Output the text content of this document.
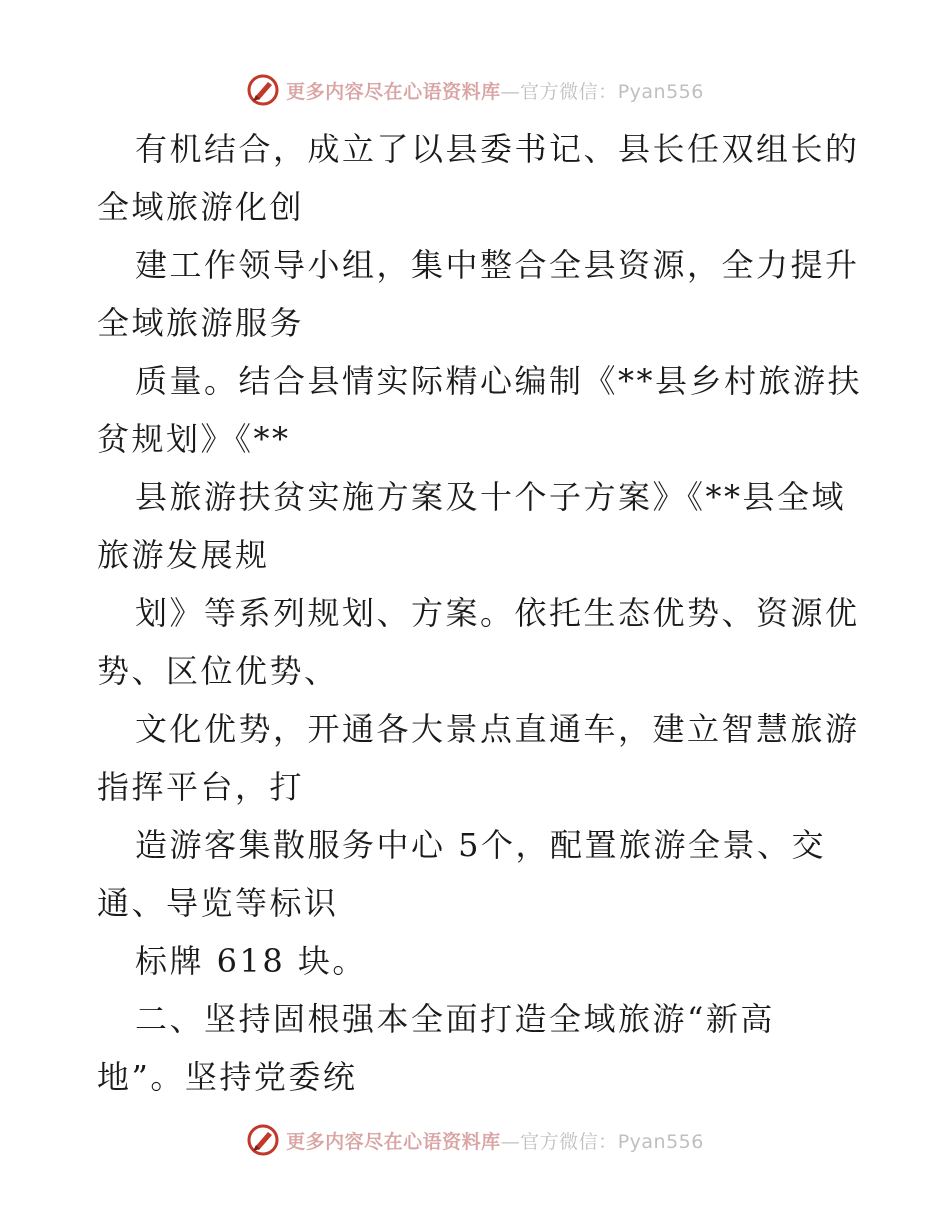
更多内容尽在心语资料库—官方微信：Pyan556
有机结合，成立了以县委书记、县长任双组长的
全域旅游化创
建工作领导小组，集中整合全县资源，全力提升
全域旅游服务
质量。结合县情实际精心编制《**县乡村旅游扶
贫规划》《**
县旅游扶贫实施方案及十个子方案》《**县全域
旅游发展规
划》等系列规划、方案。依托生态优势、资源优
势、区位优势、
文化优势，开通各大景点直通车，建立智慧旅游
指挥平台，打
造游客集散服务中心 5个，配置旅游全景、交
通、导览等标识
标牌 618 块。
二、坚持固根强本全面打造全域旅游“新高
地”。坚持党委统
更多内容尽在心语资料库—官方微信：Pyan556
